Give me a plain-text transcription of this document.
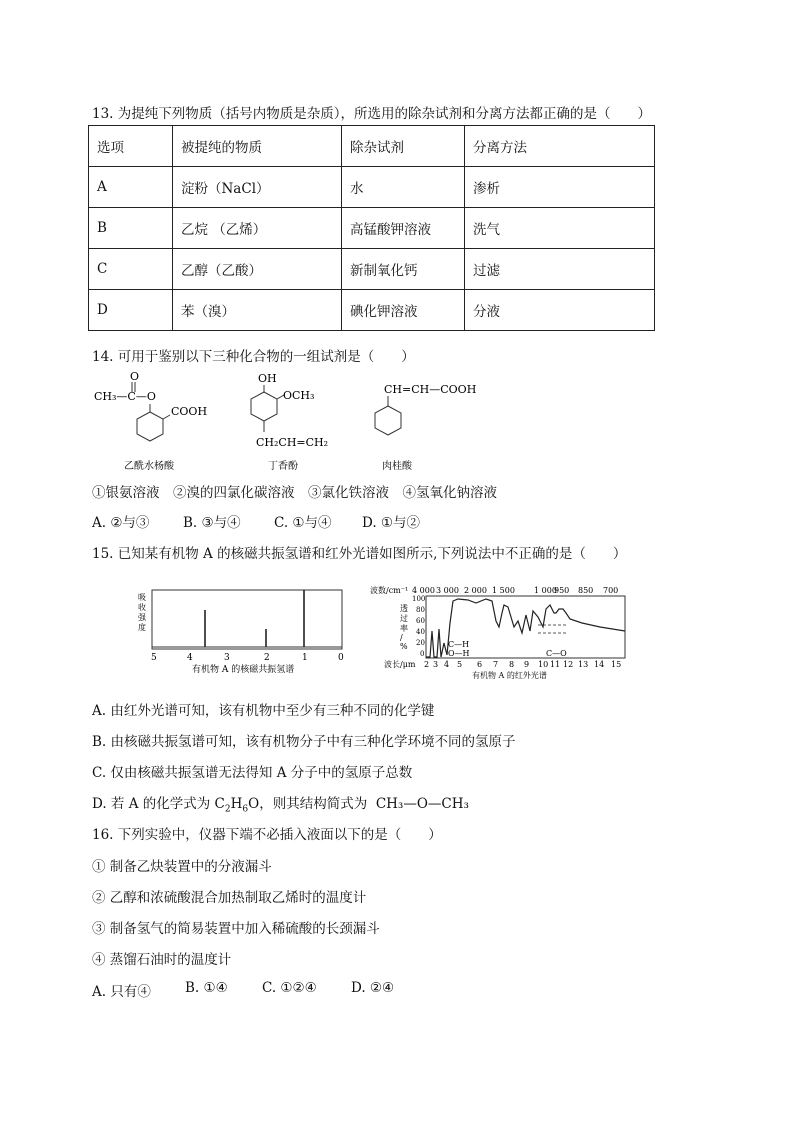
13. 为提纯下列物质（括号内物质是杂质），所选用的除杂试剂和分离方法都正确的是（　　）
选项	被提纯的物质	除杂试剂	分离方法
A	淀粉（NaCl）	水	渗析
B	乙烷 （乙烯）	高锰酸钾溶液	洗气
C	乙醇（乙酸）	新制氧化钙	过滤
D	苯（溴）	碘化钾溶液	分液
14. 可用于鉴别以下三种化合物的一组试剂是（　　）
O
CH₃—C—O
COOH
乙酰水杨酸
OH
OCH₃
CH₂CH=CH₂
丁香酚
CH=CH—COOH
肉桂酸
①银氨溶液　②溴的四氯化碳溶液　③氯化铁溶液　④氢氧化钠溶液
A. ②与③ B. ③与④ C. ①与④ D. ①与②
15. 已知某有机物 A 的核磁共振氢谱和红外光谱如图所示,下列说法中不正确的是（　　）
吸
收
强
度
5	4	3	2	1	0
有机物 A 的核磁共振氢谱
波数/cm⁻¹ 4 000 3 000 2 000 1 500 1 000
950 850 700
100
80
60
40
20
0
透
过
率
/
%	C—H
O—H	C—O
波长/μm 2 3 4 5 6 7 8 9 10 11 12 13 14 15
有机物 A 的红外光谱
A. 由红外光谱可知，该有机物中至少有三种不同的化学键
B. 由核磁共振氢谱可知，该有机物分子中有三种化学环境不同的氢原子
C. 仅由核磁共振氢谱无法得知 A 分子中的氢原子总数
D. 若 A 的化学式为 $C_2H_6O$，则其结构简式为 CH₃—O—CH₃
16. 下列实验中，仪器下端不必插入液面以下的是（　　）
① 制备乙炔装置中的分液漏斗
② 乙醇和浓硫酸混合加热制取乙烯时的温度计
③ 制备氢气的简易装置中加入稀硫酸的长颈漏斗
④ 蒸馏石油时的温度计
A. 只有④	B. ①④	C. ①②④	D. ②④
